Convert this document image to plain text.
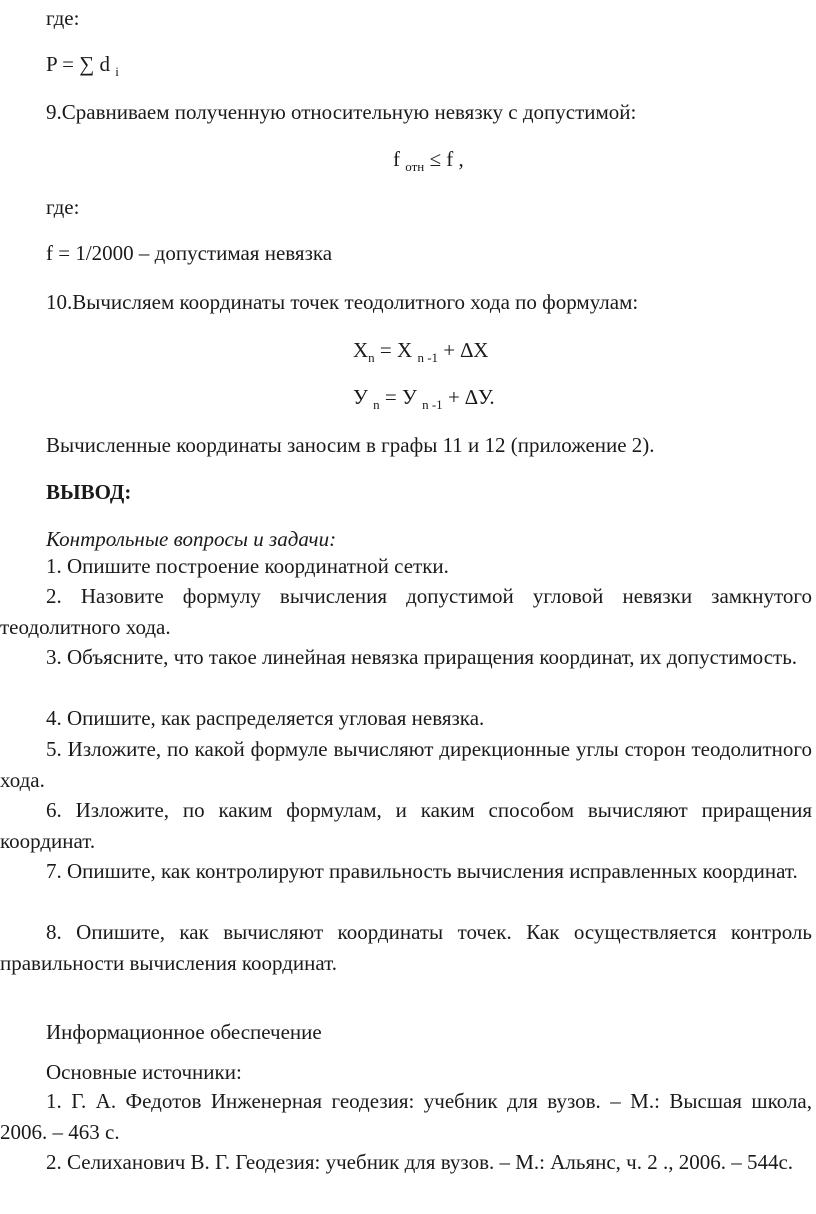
где:
P = ∑ d $_i$
9.Сравниваем полученную относительную невязку с допустимой:
f $_{отн}$ ≤ f ,
где:
f = 1/2000 – допустимая невязка
10.Вычисляем координаты точек теодолитного хода по формулам:
$Х_n = Х$ $_{n -1}$ + ∆Х
У $_n$ = У $_{n -1}$ + ∆У.
Вычисленные координаты заносим в графы 11 и 12 (приложение 2).
ВЫВОД:
Контрольные вопросы и задачи:
1. Опишите построение координатной сетки.
2. Назовите формулу вычисления допустимой угловой невязки замкнутого теодолитного хода.
3. Объясните, что такое линейная невязка приращения координат, их допустимость.
4. Опишите, как распределяется угловая невязка.
5. Изложите, по какой формуле вычисляют дирекционные углы сторон теодолитного хода.
6. Изложите, по каким формулам, и каким способом вычисляют приращения координат.
7. Опишите, как контролируют правильность вычисления исправленных координат.
8. Опишите, как вычисляют координаты точек. Как осуществляется контроль правильности вычисления координат.
Информационное обеспечение
Основные источники:
1. Г. А. Федотов Инженерная геодезия: учебник для вузов. – М.: Высшая школа, 2006. – 463 с.
2. Селиханович В. Г. Геодезия: учебник для вузов. – М.: Альянс, ч. 2 ., 2006. – 544с.
